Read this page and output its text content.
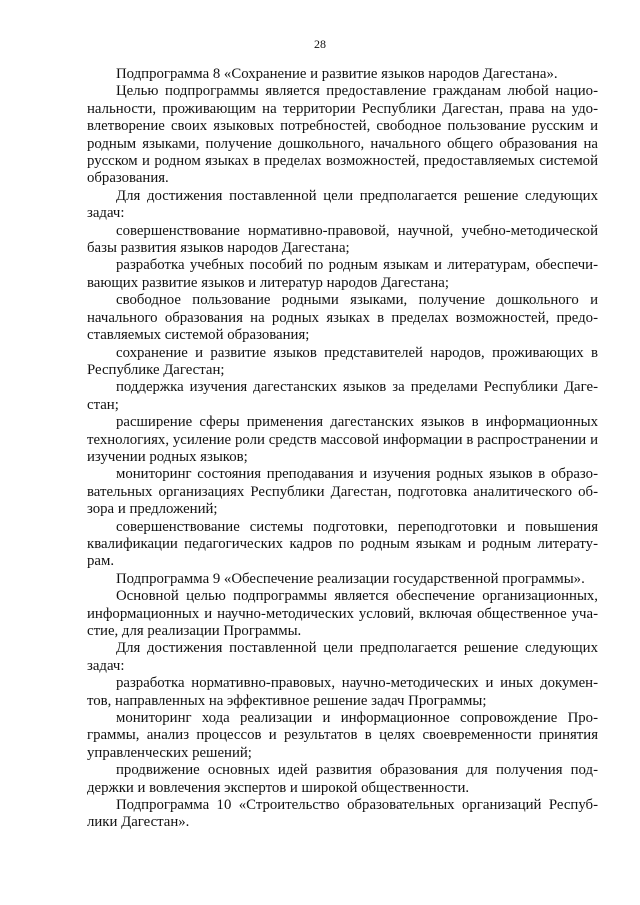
28

Подпрограмма 8 «Сохранение и развитие языков народов Дагестана».

Целью подпрограммы является предоставление гражданам любой национальности, проживающим на территории Республики Дагестан, права на удовлетворение своих языковых потребностей, свободное пользование русским и родным языками, получение дошкольного, начального общего образования на русском и родном языках в пределах возможностей, предоставляемых системой образования.

Для достижения поставленной цели предполагается решение следующих задач:

совершенствование нормативно-правовой, научной, учебно-методической базы развития языков народов Дагестана;

разработка учебных пособий по родным языкам и литературам, обеспечивающих развитие языков и литератур народов Дагестана;

свободное пользование родными языками, получение дошкольного и начального образования на родных языках в пределах возможностей, предоставляемых системой образования;

сохранение и развитие языков представителей народов, проживающих в Республике Дагестан;

поддержка изучения дагестанских языков за пределами Республики Дагестан;

расширение сферы применения дагестанских языков в информационных технологиях, усиление роли средств массовой информации в распространении и изучении родных языков;

мониторинг состояния преподавания и изучения родных языков в образовательных организациях Республики Дагестан, подготовка аналитического обзора и предложений;

совершенствование системы подготовки, переподготовки и повышения квалификации педагогических кадров по родным языкам и родным литературам.

Подпрограмма 9 «Обеспечение реализации государственной программы».

Основной целью подпрограммы является обеспечение организационных, информационных и научно-методических условий, включая общественное участие, для реализации Программы.

Для достижения поставленной цели предполагается решение следующих задач:

разработка нормативно-правовых, научно-методических и иных документов, направленных на эффективное решение задач Программы;

мониторинг хода реализации и информационное сопровождение Программы, анализ процессов и результатов в целях своевременности принятия управленческих решений;

продвижение основных идей развития образования для получения поддержки и вовлечения экспертов и широкой общественности.

Подпрограмма 10 «Строительство образовательных организаций Республики Дагестан».
